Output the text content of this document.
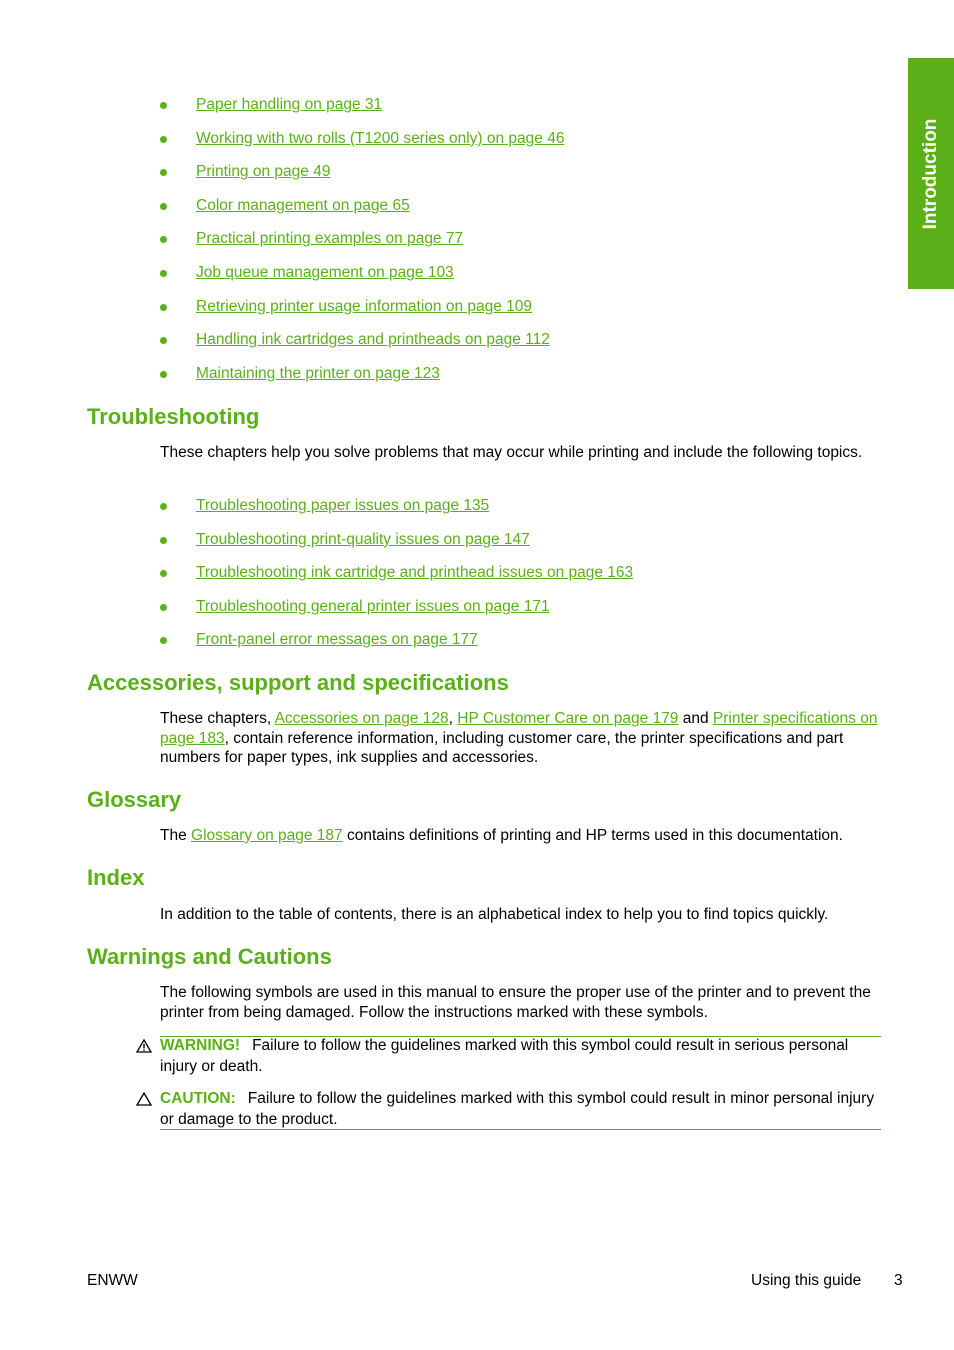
Introduction
Paper handling on page 31
Working with two rolls (T1200 series only) on page 46
Printing on page 49
Color management on page 65
Practical printing examples on page 77
Job queue management on page 103
Retrieving printer usage information on page 109
Handling ink cartridges and printheads on page 112
Maintaining the printer on page 123
Troubleshooting

These chapters help you solve problems that may occur while printing and include the following topics.

Troubleshooting paper issues on page 135
Troubleshooting print-quality issues on page 147
Troubleshooting ink cartridge and printhead issues on page 163
Troubleshooting general printer issues on page 171
Front-panel error messages on page 177
Accessories, support and specifications

These chapters, Accessories on page 128, HP Customer Care on page 179 and Printer specifications on page 183, contain reference information, including customer care, the printer specifications and part numbers for paper types, ink supplies and accessories.

Glossary

The Glossary on page 187 contains definitions of printing and HP terms used in this documentation.

Index

In addition to the table of contents, there is an alphabetical index to help you to find topics quickly.

Warnings and Cautions

The following symbols are used in this manual to ensure the proper use of the printer and to prevent the printer from being damaged. Follow the instructions marked with these symbols.

WARNING! Failure to follow the guidelines marked with this symbol could result in serious personal injury or death.
CAUTION: Failure to follow the guidelines marked with this symbol could result in minor personal injury or damage to the product.
ENWW	Using this guide 3
